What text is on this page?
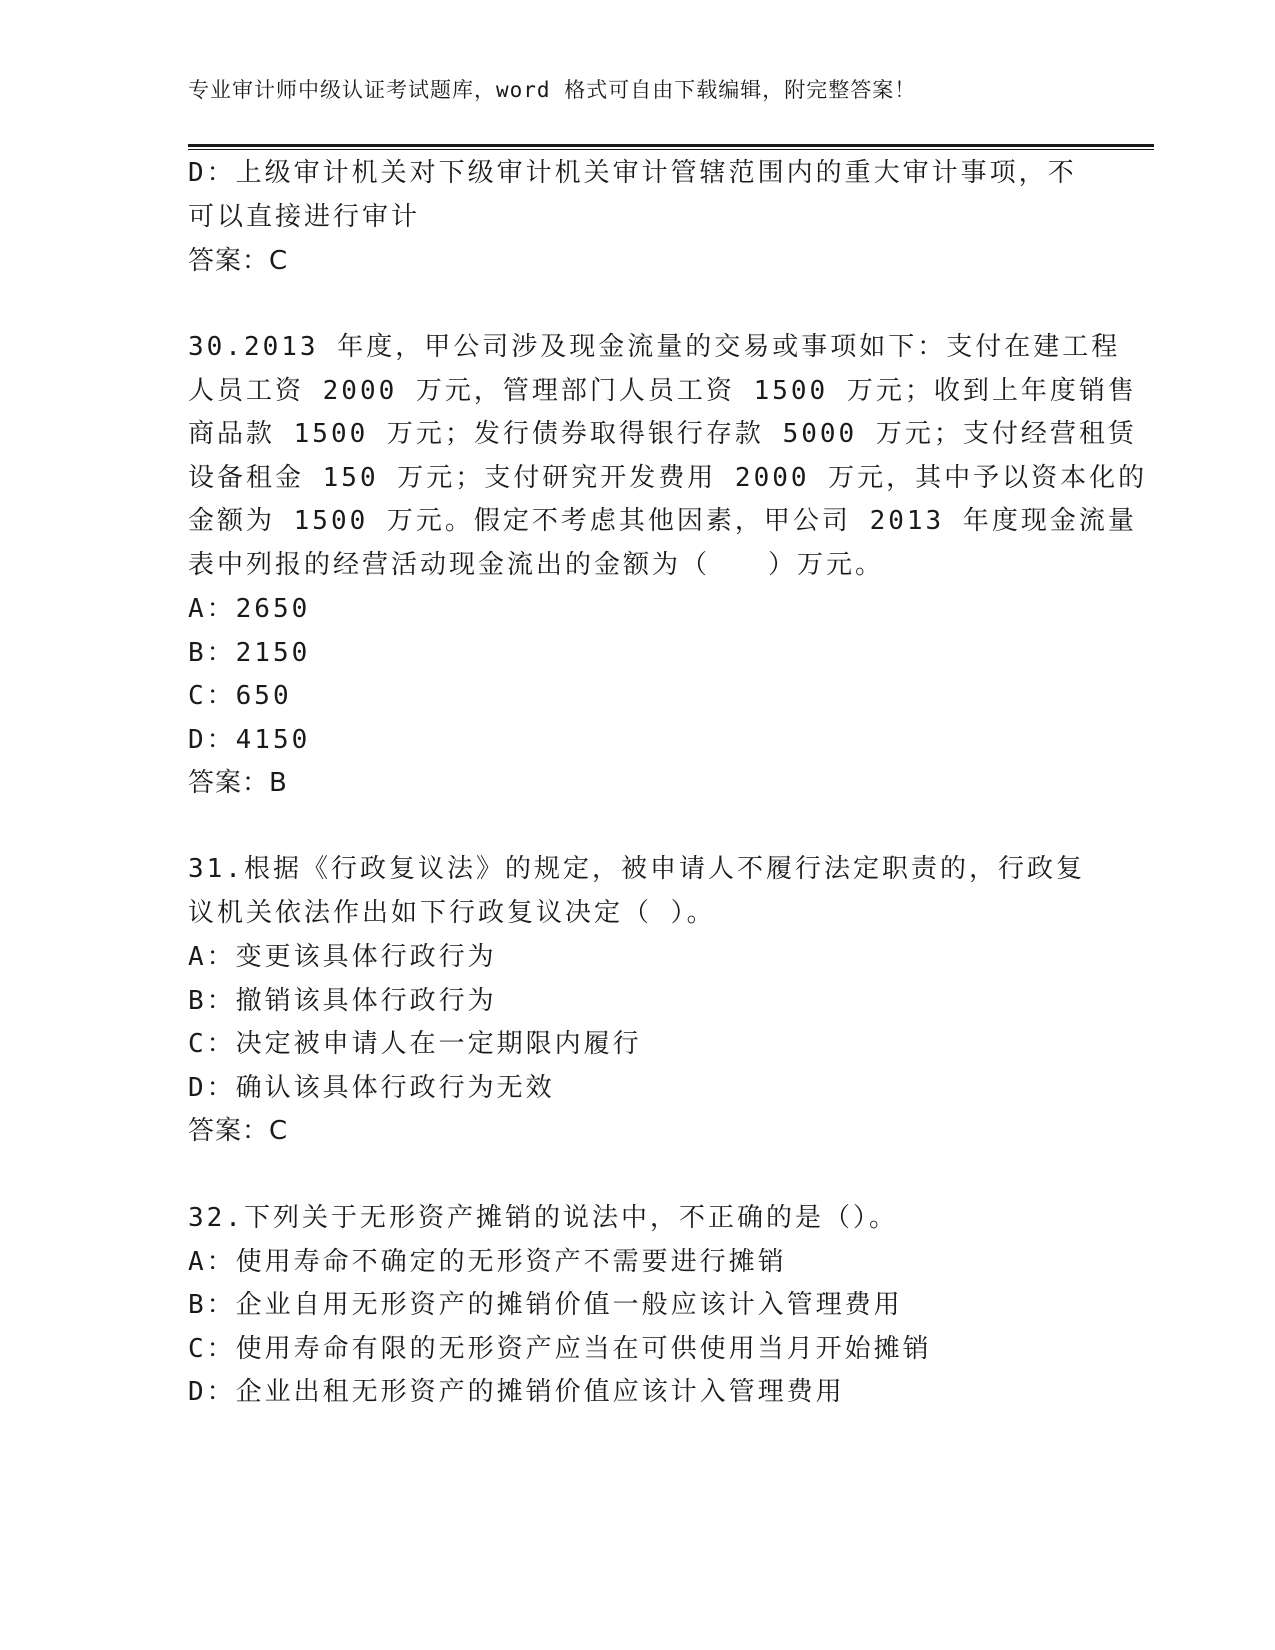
专业审计师中级认证考试题库，word 格式可自由下载编辑，附完整答案！
D：上级审计机关对下级审计机关审计管辖范围内的重大审计事项，不
可以直接进行审计
答案：C
30.2013 年度，甲公司涉及现金流量的交易或事项如下：支付在建工程
人员工资 2000 万元，管理部门人员工资 1500 万元；收到上年度销售
商品款 1500 万元；发行债券取得银行存款 5000 万元；支付经营租赁
设备租金 150 万元；支付研究开发费用 2000 万元，其中予以资本化的
金额为 1500 万元。假定不考虑其他因素，甲公司 2013 年度现金流量
表中列报的经营活动现金流出的金额为（　　）万元。
A：2650
B：2150
C：650
D：4150
答案：B
31.根据《行政复议法》的规定，被申请人不履行法定职责的，行政复
议机关依法作出如下行政复议决定（ ）。
A：变更该具体行政行为
B：撤销该具体行政行为
C：决定被申请人在一定期限内履行
D：确认该具体行政行为无效
答案：C
32.下列关于无形资产摊销的说法中，不正确的是（）。
A：使用寿命不确定的无形资产不需要进行摊销
B：企业自用无形资产的摊销价值一般应该计入管理费用
C：使用寿命有限的无形资产应当在可供使用当月开始摊销
D：企业出租无形资产的摊销价值应该计入管理费用
